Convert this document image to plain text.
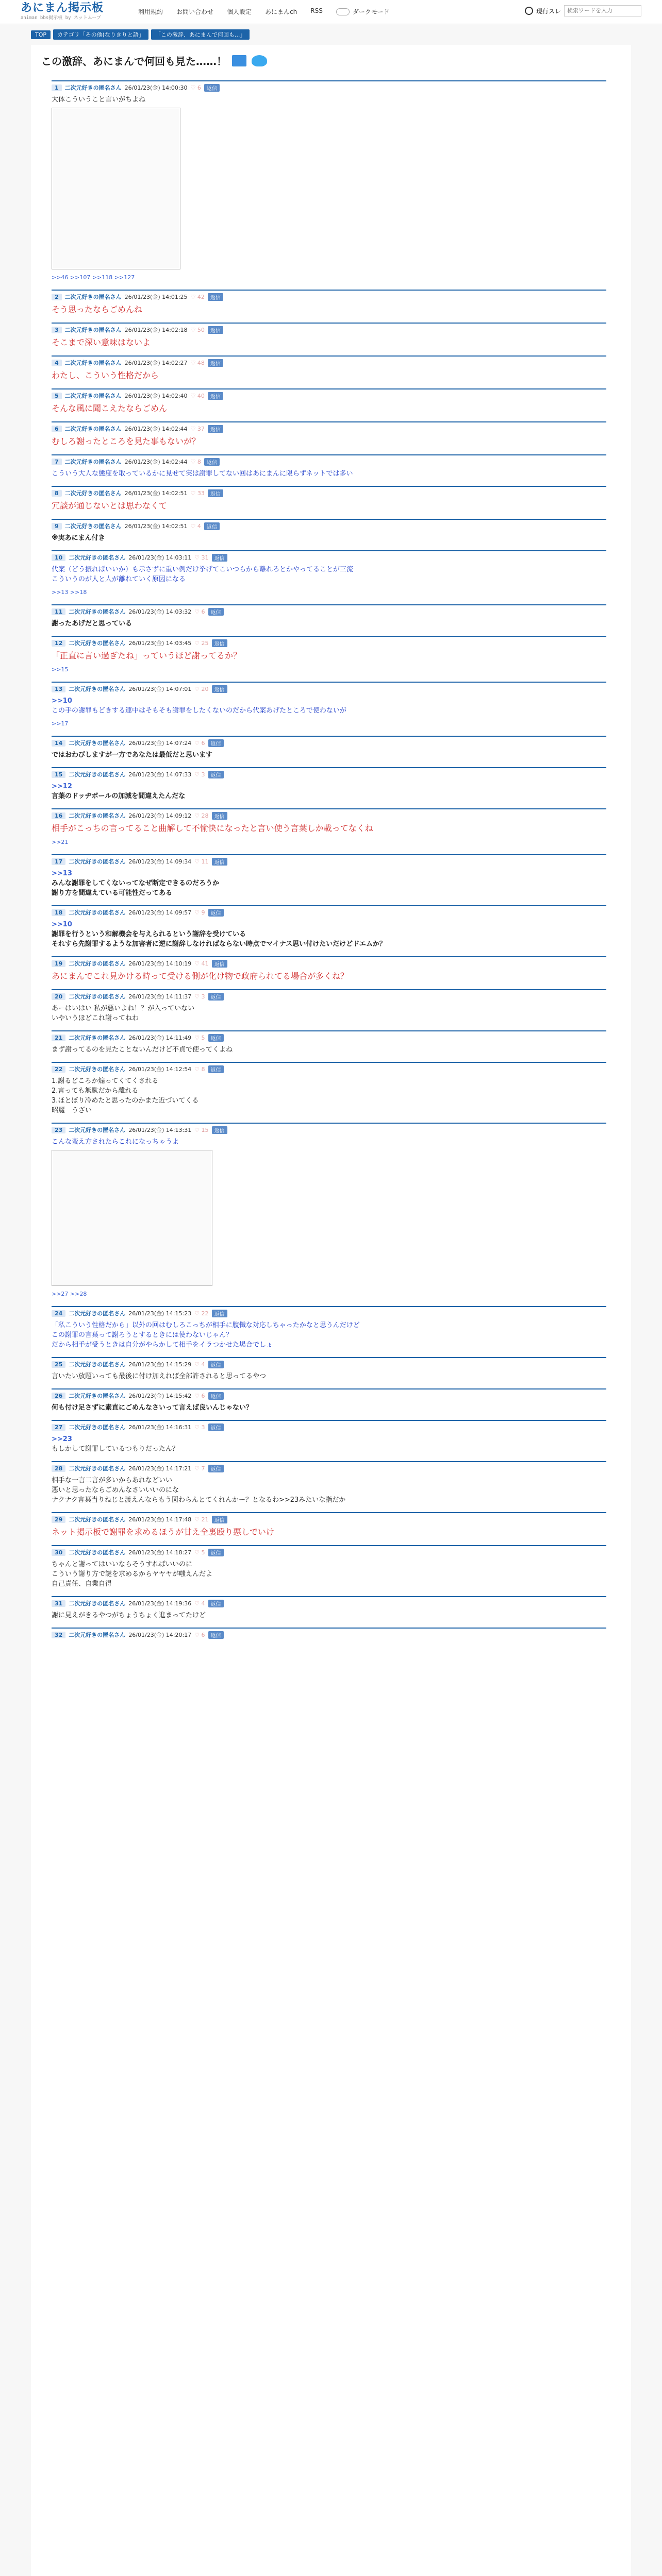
あにまん掲示板
animan bbs掲示板 by ネットムーブ
利用規約 お問い合わせ 個人設定 あにまんch RSS	ダークモード	現行スレ
検索ワードを入力
TOP	カテゴリ「その他(なりきりと語」	「この激辞、あにまんで何回も...」
この激辞、あにまんで何回も見た……！
1	二次元好きの匿名さん 26/01/23(金) 14:00:30 ♡ 6	返信
大体こういうこと言いがちよね
>>46 >>107 >>118 >>127
2	二次元好きの匿名さん 26/01/23(金) 14:01:25 ♡ 42	返信
そう思ったならごめんね
3	二次元好きの匿名さん 26/01/23(金) 14:02:18 ♡ 50	返信
そこまで深い意味はないよ
4	二次元好きの匿名さん 26/01/23(金) 14:02:27 ♡ 48	返信
わたし、こういう性格だから
5	二次元好きの匿名さん 26/01/23(金) 14:02:40 ♡ 40	返信
そんな風に聞こえたならごめん
6	二次元好きの匿名さん 26/01/23(金) 14:02:44 ♡ 37	返信
むしろ謝ったところを見た事もないが？
7	二次元好きの匿名さん 26/01/23(金) 14:02:44 ♡ 8	返信
こういう大人な態度を取っているかに見せて実は謝罪してない回はあにまんに限らずネットでは多い
8	二次元好きの匿名さん 26/01/23(金) 14:02:51 ♡ 33	返信
冗談が通じないとは思わなくて
9	二次元好きの匿名さん 26/01/23(金) 14:02:51 ♡ 4	返信
※実あにまん付き
10	二次元好きの匿名さん 26/01/23(金) 14:03:11 ♡ 31	返信
代案（どう振ればいいか）も示さずに重い例だけ挙げてこいつらから離れろとかやってることが三流
こういうのが人と人が離れていく原因になる
>>13 >>18
11	二次元好きの匿名さん 26/01/23(金) 14:03:32 ♡ 6	返信
謝ったあげだと思っている
12	二次元好きの匿名さん 26/01/23(金) 14:03:45 ♡ 25	返信
「正直に言い過ぎたね」っていうほど謝ってるか？
>>15
13	二次元好きの匿名さん 26/01/23(金) 14:07:01 ♡ 20	返信
>>10
この手の謝罪もどきする連中はそもそも謝罪をしたくないのだから代案あげたところで使わないが
>>17
14	二次元好きの匿名さん 26/01/23(金) 14:07:24 ♡ 6	返信
ではおわびしますが一方であなたは最低だと思います
15	二次元好きの匿名さん 26/01/23(金) 14:07:33 ♡ 3	返信
>>12
言葉のドッヂボールの加減を間違えたんだな
16	二次元好きの匿名さん 26/01/23(金) 14:09:12 ♡ 28	返信
相手がこっちの言ってること曲解して不愉快になったと言い使う言葉しか載ってなくね
>>21
17	二次元好きの匿名さん 26/01/23(金) 14:09:34 ♡ 11	返信
>>13
みんな謝罪をしてくないってなぜ断定できるのだろうか
謝り方を間違えている可能性だってある
18	二次元好きの匿名さん 26/01/23(金) 14:09:57 ♡ 9	返信
>>10
謝罪を行うという和解機会を与えられるという謝辞を受けている
それすら先謝罪するような加害者に逆に謝辞しなければならない時点でマイナス思い付けたいだけどドエムか？
19	二次元好きの匿名さん 26/01/23(金) 14:10:19 ♡ 41	返信
あにまんでこれ見かける時って受ける側が化け物で政府られてる場合が多くね？
20	二次元好きの匿名さん 26/01/23(金) 14:11:37 ♡ 3	返信
あーはいはい 私が悪いよね！？が入っていない
いやいうほどこれ謝ってねわ
21	二次元好きの匿名さん 26/01/23(金) 14:11:49 ♡ 5	返信
まず謝ってるのを見たことないんだけど不貞で使ってくよね
22	二次元好きの匿名さん 26/01/23(金) 14:12:54 ♡ 8	返信
1.謝るどころか煽ってくてくされる
2.言っても無駄だから離れる
3.ほとぼり冷めたと思ったのかまた近づいてくる
昭麗　うざい
23	二次元好きの匿名さん 26/01/23(金) 14:13:31 ♡ 15	返信
こんな蛮え方されたらこれになっちゃうよ
>>27 >>28
24	二次元好きの匿名さん 26/01/23(金) 14:15:23 ♡ 22	返信
「私こういう性格だから」以外の回はむしろこっちが相手に腹懺な対応しちゃったかなと思うんだけど
この謝罪の言葉って謝ろうとするときには使わないじゃん？
だから相手が受うときは自分がやらかして相手をイラつかせた場合でしょ
25	二次元好きの匿名さん 26/01/23(金) 14:15:29 ♡ 4	返信
言いたい放題いっても最後に付け加えれば全部許されると思ってるやつ
26	二次元好きの匿名さん 26/01/23(金) 14:15:42 ♡ 6	返信
何も付け足さずに素直にごめんなさいって言えば良いんじゃない？
27	二次元好きの匿名さん 26/01/23(金) 14:16:31 ♡ 3	返信
>>23
もしかして謝罪しているつもりだったん？
28	二次元好きの匿名さん 26/01/23(金) 14:17:21 ♡ 7	返信
相手な一言二言が多いからあれなどいい
悪いと思ったならごめんなさいいいのにな
ナクナク言葉当りねじと渡えんならもう図わらんとてくれんかー？となるわ>>23みたいな指だか
29	二次元好きの匿名さん 26/01/23(金) 14:17:48 ♡ 21	返信
ネット掲示板で謝罪を求めるほうが甘え全裏殴り悪しでいけ
30	二次元好きの匿名さん 26/01/23(金) 14:18:27 ♡ 5	返信
ちゃんと謝ってはいいならそうすればいいのに
こういう謝り方で謎を求めるからヤヤヤが嗤えんだよ
自己責任、自業自得
31	二次元好きの匿名さん 26/01/23(金) 14:19:36 ♡ 4	返信
謝に見えがきるやつがちょうちょく進まってたけど
32	二次元好きの匿名さん 26/01/23(金) 14:20:17 ♡ 6	返信
